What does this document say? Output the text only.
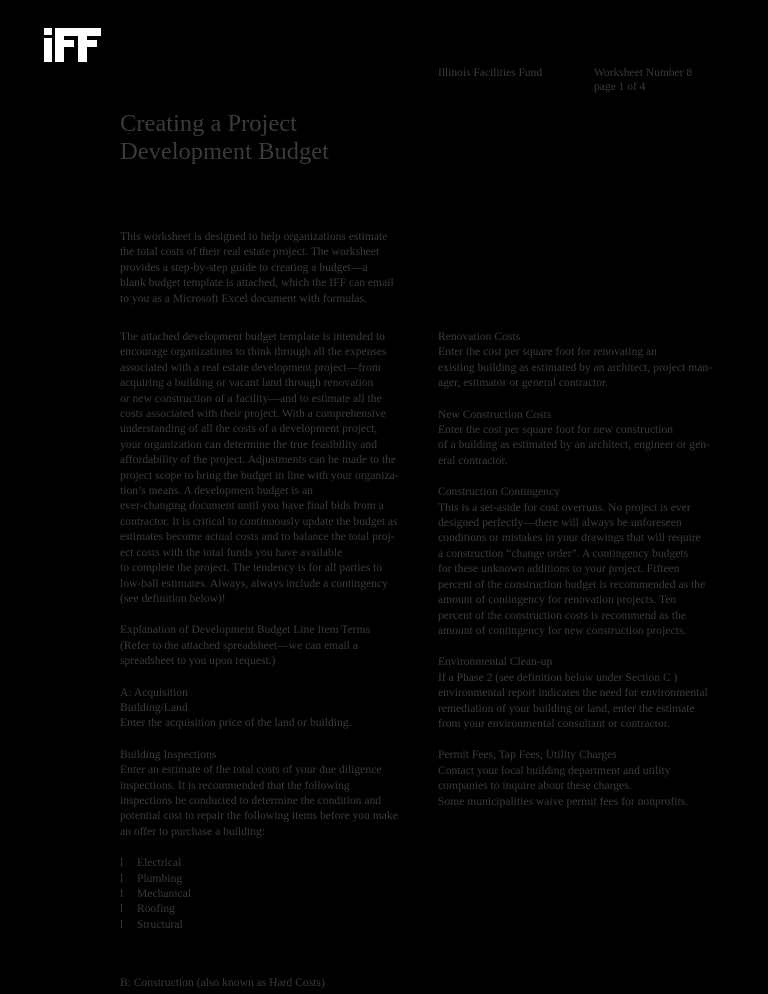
Illinois Facilities Fund	Worksheet Number 8
page 1 of 4
Creating a Project
Development Budget
This worksheet is designed to help organizations estimate
the total costs of their real estate project. The worksheet
provides a step-by-step guide to creating a budget—a
blank budget template is attached, which the IFF can email
to you as a Microsoft Excel document with formulas.
The attached development budget template is intended to
encourage organizations to think through all the expenses
associated with a real estate development project—from
acquiring a building or vacant land through renovation
or new construction of a facility—and to estimate all the
costs associated with their project. With a comprehensive
understanding of all the costs of a development project,
your organization can determine the true feasibility and
affordability of the project. Adjustments can be made to the
project scope to bring the budget in line with your organiza-
tion’s means. A development budget is an
ever-changing document until you have final bids from a
contractor. It is critical to continuously update the budget as
estimates become actual costs and to balance the total proj-
ect costs with the total funds you have available
to complete the project. The tendency is for all parties to
low-ball estimates. Always, always include a contingency
(see definition below)!
Explanation of Development Budget Line Item Terms
(Refer to the attached spreadsheet—we can email a
spreadsheet to you upon request.)
A: Acquisition
Building/Land
Enter the acquisition price of the land or building.
Building Inspections
Enter an estimate of the total costs of your due diligence
inspections. It is recommended that the following
inspections be conducted to determine the condition and
potential cost to repair the following items before you make
an offer to purchase a building:
l	Electrical
l	Plumbing
l	Mechanical
l	Roofing
l	Structural
B: Construction (also known as Hard Costs)
Renovation Costs
Enter the cost per square foot for renovating an
existing building as estimated by an architect, project man-
ager, estimator or general contractor.
New Construction Costs
Enter the cost per square foot for new construction
of a building as estimated by an architect, engineer or gen-
eral contractor.
Construction Contingency
This is a set-aside for cost overruns. No project is ever
designed perfectly—there will always be unforeseen
conditions or mistakes in your drawings that will require
a construction “change order”. A contingency budgets
for these unknown additions to your project. Fifteen
percent of the construction budget is recommended as the
amount of contingency for renovation projects. Ten
percent of the construction costs is recommend as the
amount of contingency for new construction projects.
Environmental Clean-up
If a Phase 2 (see definition below under Section C )
environmental report indicates the need for environmental
remediation of your building or land, enter the estimate
from your environmental consultant or contractor.
Permit Fees, Tap Fees, Utility Charges
Contact your local building department and utility
companies to inquire about these charges.
Some municipalities waive permit fees for nonprofits.
